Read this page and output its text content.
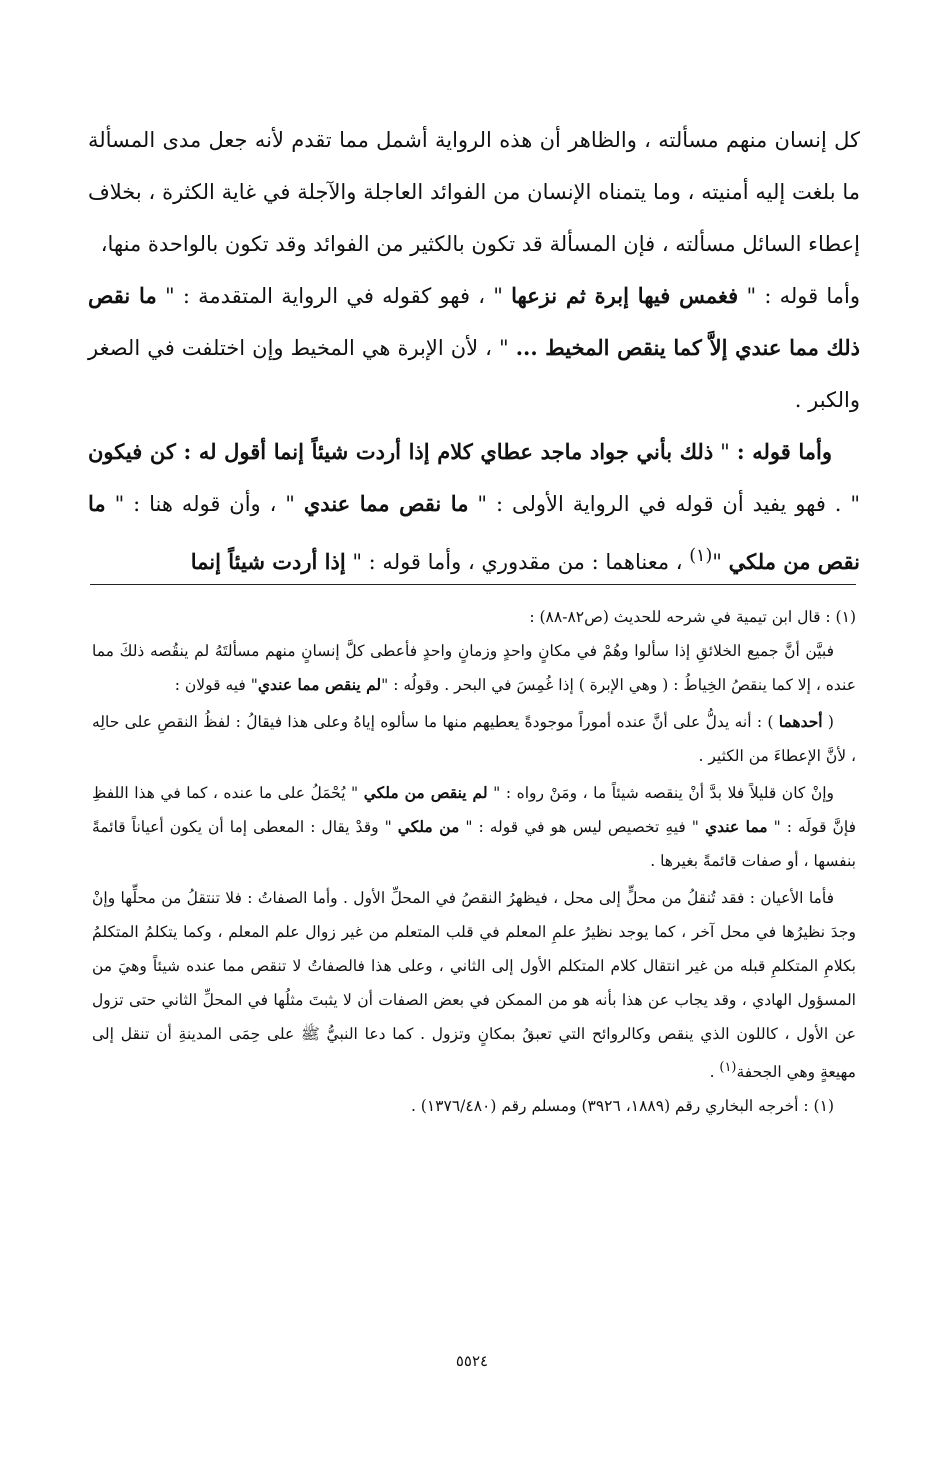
كل إنسان منهم مسألته ، والظاهر أن هذه الرواية أشمل مما تقدم لأنه جعل مدى المسألة ما بلغت إليه أمنيته ، وما يتمناه الإنسان من الفوائد العاجلة والآجلة في غاية الكثرة ، بخلاف إعطاء السائل مسألته ، فإن المسألة قد تكون بالكثير من الفوائد وقد تكون بالواحدة منها،

وأما قوله : " فغمس فيها إبرة ثم نزعها " ، فهو كقوله في الرواية المتقدمة : " ما نقص ذلك مما عندي إلاَّ كما ينقص المخيط ... " ، لأن الإبرة هي المخيط وإن اختلفت في الصغر والكبر .

وأما قوله : " ذلك بأني جواد ماجد عطاي كلام إذا أردت شيئاً إنما أقول له : كن فيكون " . فهو يفيد أن قوله في الرواية الأولى : " ما نقص مما عندي " ، وأن قوله هنا : " ما نقص من ملكي "$^{(١)}$ ، معناهما : من مقدوري ، وأما قوله : " إذا أردت شيئاً إنما

(١) : قال ابن تيمية في شرحه للحديث (ص٨٢-٨٨) :

فبيَّن أنَّ جميع الخلائقِ إذا سألوا وهُمْ في مكانٍ واحدٍ وزمانٍ واحدٍ فأعطى كلَّ إنسانٍ منهم مسألتَهُ لم ينقُصه ذلكَ مما عنده ، إلا كما ينقصُ الخِياطُ : ( وهي الإبرة ) إذا غُمِسَ في البحر . وقولُه : "لم ينقص مما عندي" فيه قولان :

( أحدهما ) : أنه يدلُّ على أنَّ عنده أموراً موجودةً يعطيهم منها ما سألوه إياهُ وعلى هذا فيقالُ : لفظُ النقصِ على حالِه ، لأنَّ الإعطاءَ من الكثير .

وإنْ كان قليلاً فلا بدَّ أنْ ينقصه شيئاً ما ، ومَنْ رواه : " لم ينقص من ملكي " يُحْمَلُ على ما عنده ، كما في هذا اللفظِ فإنَّ قولَه : " مما عندي " فيهِ تخصيص ليس هو في قوله : " من ملكي " وقدْ يقال : المعطى إما أن يكون أعياناً قائمةً بنفسها ، أو صفات قائمةً بغيرها .

فأما الأعيان : فقد تُنقلُ من محلٍّ إلى محل ، فيظهرُ النقصُ في المحلِّ الأول . وأما الصفاتُ : فلا تنتقلُ من محلِّها وإنْ وجدَ نظيرُها في محل آخر ، كما يوجد نظيرُ علمِ المعلم في قلب المتعلم من غير زوال علم المعلم ، وكما يتكلمُ المتكلمُ بكلامِ المتكلمِ قبله من غير انتقال كلام المتكلم الأول إلى الثاني ، وعلى هذا فالصفاتُ لا تنقص مما عنده شيئاً وهيَ من المسؤول الهادي ، وقد يجاب عن هذا بأنه هو من الممكن في بعض الصفات أن لا يثبتَ مثلُها في المحلِّ الثاني حتى تزول عن الأول ، كاللون الذي ينقص وكالروائح التي تعبقُ بمكانٍ وتزول . كما دعا النبيُّ ﷺ على حِمَى المدينةِ أن تنقل إلى مهيعةٍ وهي الجحفة$^{(١)}$ .

(١) : أخرجه البخاري رقم (١٨٨٩، ٣٩٢٦) ومسلم رقم (١٣٧٦/٤٨٠) .

٥٥٢٤
